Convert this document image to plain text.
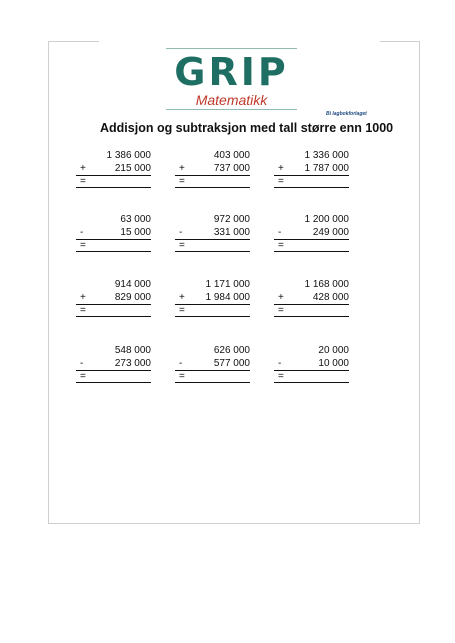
GRIP
Matematikk
Bi lagbokforlaget
Addisjon og subtraksjon med tall større enn 1000
1 386 000
+	215 000
=
403 000
+	737 000
=
1 336 000
+ 1 787 000
=
63 000
-	15 000
=
972 000
-	331 000
=
1 200 000
-	249 000
=
914 000
+	829 000
=
1 171 000
+ 1 984 000
=
1 168 000
+	428 000
=
548 000
-	273 000
=
626 000
-	577 000
=
20 000
-	10 000
=
